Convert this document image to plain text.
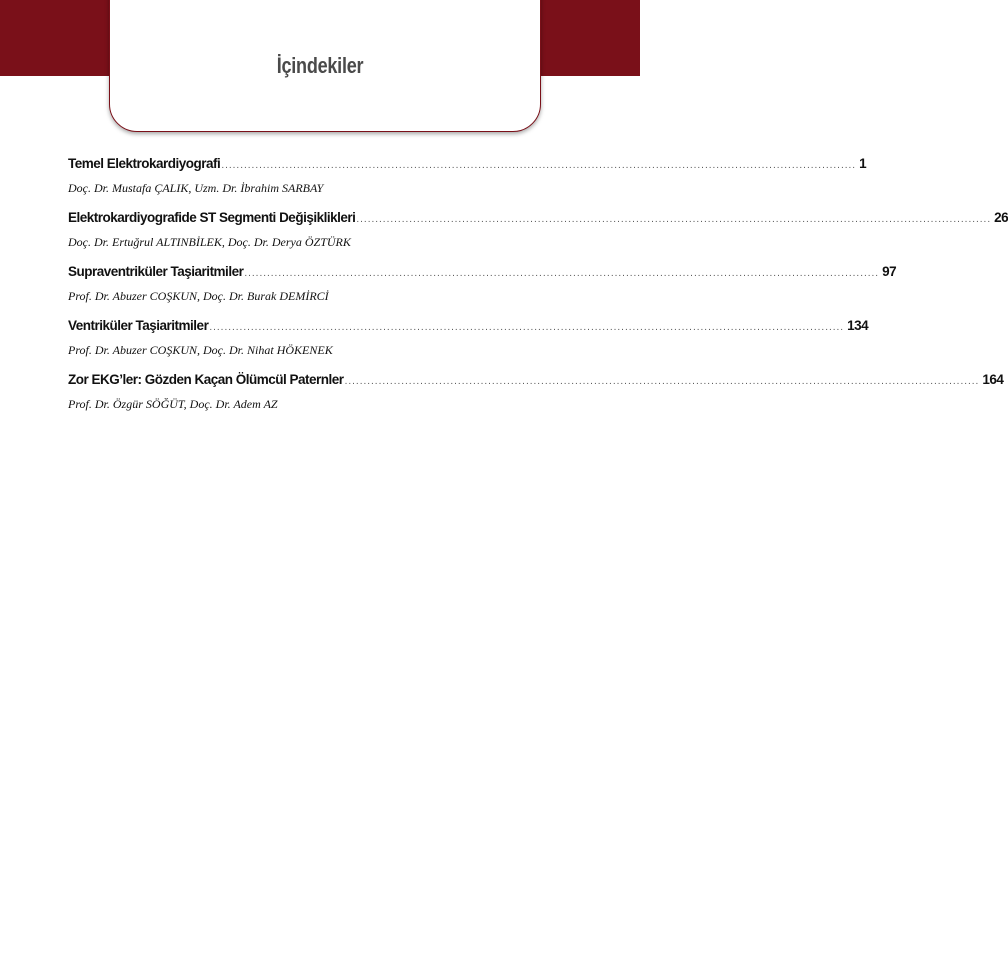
İçindekiler
Temel Elektrokardiyografi ........................................................................................................................................................................ 1
Doç. Dr. Mustafa ÇALIK, Uzm. Dr. İbrahim SARBAY
Elektrokardiyografide ST Segmenti Değişiklikleri ........................................................................................................................................................................ 26
Doç. Dr. Ertuğrul ALTINBİLEK, Doç. Dr. Derya ÖZTÜRK
Supraventriküler Taşiaritmiler ........................................................................................................................................................................ 97
Prof. Dr. Abuzer COŞKUN, Doç. Dr. Burak DEMİRCİ
Ventriküler Taşiaritmiler ........................................................................................................................................................................ 134
Prof. Dr. Abuzer COŞKUN, Doç. Dr. Nihat HÖKENEK
Zor EKG’ler: Gözden Kaçan Ölümcül Paternler ........................................................................................................................................................................ 164
Prof. Dr. Özgür SÖĞÜT, Doç. Dr. Adem AZ
